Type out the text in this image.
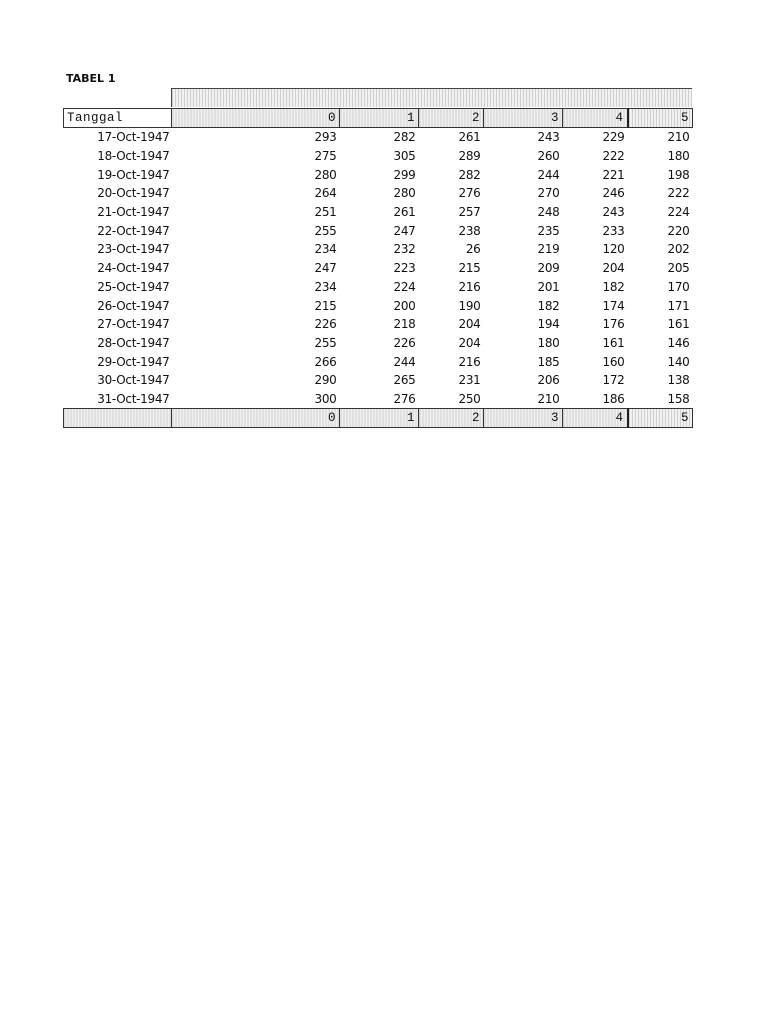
TABEL 1
Tanggal	0	1	2	3	4	5
17-Oct-1947	293	282	261	243	229	210
18-Oct-1947	275	305	289	260	222	180
19-Oct-1947	280	299	282	244	221	198
20-Oct-1947	264	280	276	270	246	222
21-Oct-1947	251	261	257	248	243	224
22-Oct-1947	255	247	238	235	233	220
23-Oct-1947	234	232	26	219	120	202
24-Oct-1947	247	223	215	209	204	205
25-Oct-1947	234	224	216	201	182	170
26-Oct-1947	215	200	190	182	174	171
27-Oct-1947	226	218	204	194	176	161
28-Oct-1947	255	226	204	180	161	146
29-Oct-1947	266	244	216	185	160	140
30-Oct-1947	290	265	231	206	172	138
31-Oct-1947	300	276	250	210	186	158
	0	1	2	3	4	5
